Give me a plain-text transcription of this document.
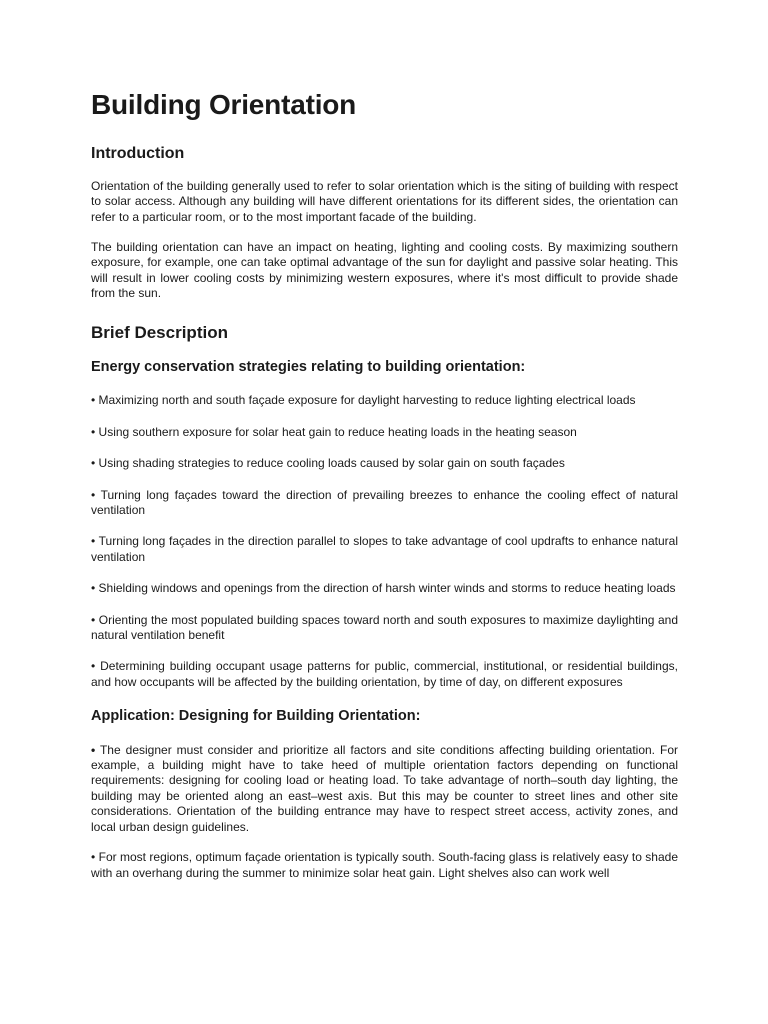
Building Orientation
Introduction

Orientation of the building generally used to refer to solar orientation which is the siting of building with respect to solar access. Although any building will have different orientations for its different sides, the orientation can refer to a particular room, or to the most important facade of the building.

The building orientation can have an impact on heating, lighting and cooling costs. By maximizing southern exposure, for example, one can take optimal advantage of the sun for daylight and passive solar heating. This will result in lower cooling costs by minimizing western exposures, where it's most difficult to provide shade from the sun.

Brief Description
Energy conservation strategies relating to building orientation:

• Maximizing north and south façade exposure for daylight harvesting to reduce lighting electrical loads

• Using southern exposure for solar heat gain to reduce heating loads in the heating season

• Using shading strategies to reduce cooling loads caused by solar gain on south façades

• Turning long façades toward the direction of prevailing breezes to enhance the cooling effect of natural ventilation

• Turning long façades in the direction parallel to slopes to take advantage of cool updrafts to enhance natural ventilation

• Shielding windows and openings from the direction of harsh winter winds and storms to reduce heating loads

• Orienting the most populated building spaces toward north and south exposures to maximize daylighting and natural ventilation benefit

• Determining building occupant usage patterns for public, commercial, institutional, or residential buildings, and how occupants will be affected by the building orientation, by time of day, on different exposures

Application: Designing for Building Orientation:

• The designer must consider and prioritize all factors and site conditions affecting building orientation. For example, a building might have to take heed of multiple orientation factors depending on functional requirements: designing for cooling load or heating load. To take advantage of north–south day lighting, the building may be oriented along an east–west axis. But this may be counter to street lines and other site considerations. Orientation of the building entrance may have to respect street access, activity zones, and local urban design guidelines.

• For most regions, optimum façade orientation is typically south. South-facing glass is relatively easy to shade with an overhang during the summer to minimize solar heat gain. Light shelves also can work well
